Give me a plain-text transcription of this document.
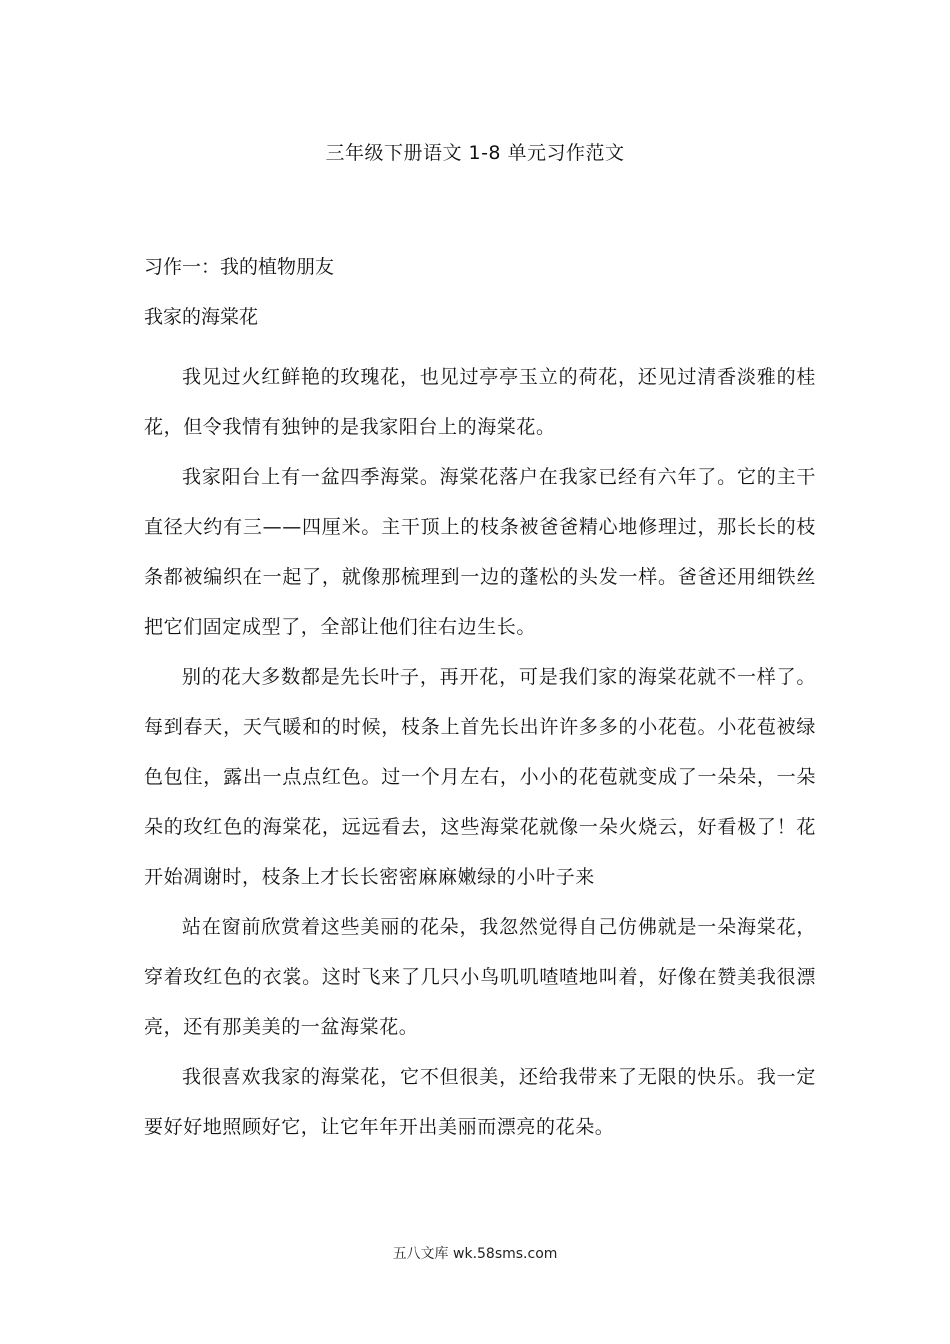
三年级下册语文 1-8 单元习作范文
习作一：我的植物朋友
我家的海棠花

我见过火红鲜艳的玫瑰花，也见过亭亭玉立的荷花，还见过清香淡雅的桂花，但令我情有独钟的是我家阳台上的海棠花。

我家阳台上有一盆四季海棠。海棠花落户在我家已经有六年了。它的主干直径大约有三——四厘米。主干顶上的枝条被爸爸精心地修理过，那长长的枝条都被编织在一起了，就像那梳理到一边的蓬松的头发一样。爸爸还用细铁丝把它们固定成型了，全部让他们往右边生长。

别的花大多数都是先长叶子，再开花，可是我们家的海棠花就不一样了。每到春天，天气暖和的时候，枝条上首先长出许许多多的小花苞。小花苞被绿色包住，露出一点点红色。过一个月左右，小小的花苞就变成了一朵朵，一朵朵的玫红色的海棠花，远远看去，这些海棠花就像一朵火烧云，好看极了！花开始凋谢时，枝条上才长长密密麻麻嫩绿的小叶子来

站在窗前欣赏着这些美丽的花朵，我忽然觉得自己仿佛就是一朵海棠花，穿着玫红色的衣裳。这时飞来了几只小鸟叽叽喳喳地叫着，好像在赞美我很漂亮，还有那美美的一盆海棠花。

我很喜欢我家的海棠花，它不但很美，还给我带来了无限的快乐。我一定要好好地照顾好它，让它年年开出美丽而漂亮的花朵。

五八文库 wk.58sms.com
